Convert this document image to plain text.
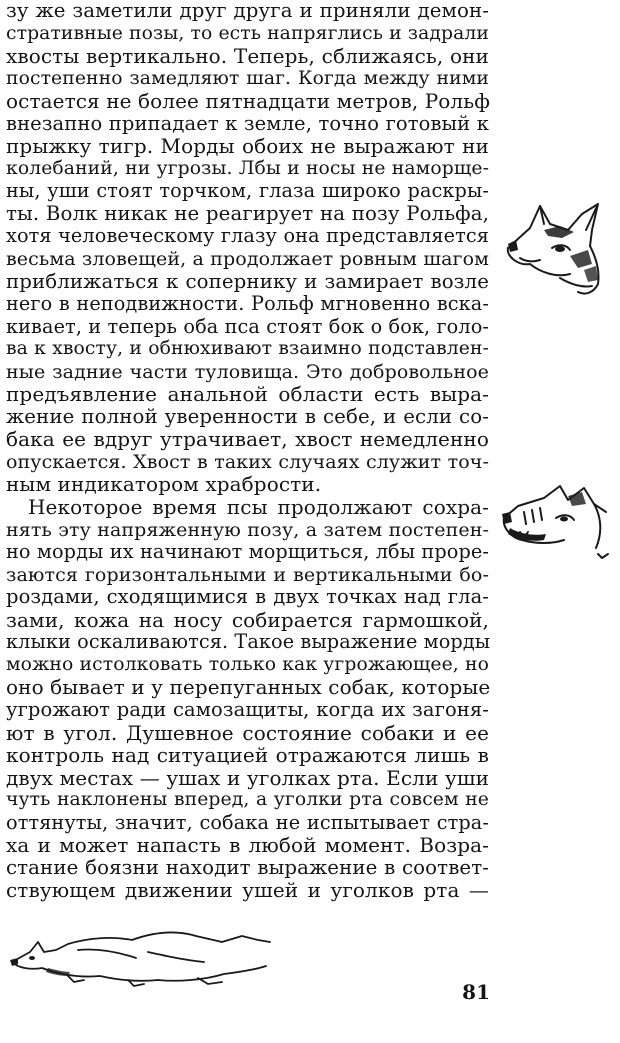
зу же заметили друг друга и приняли демон-
стративные позы, то есть напряглись и задрали
хвосты вертикально. Теперь, сближаясь, они
постепенно замедляют шаг. Когда между ними
остается не более пятнадцати метров, Рольф
внезапно припадает к земле, точно готовый к
прыжку тигр. Морды обоих не выражают ни
колебаний, ни угрозы. Лбы и носы не наморще-
ны, уши стоят торчком, глаза широко раскры-
ты. Волк никак не реагирует на позу Рольфа,
хотя человеческому глазу она представляется
весьма зловещей, а продолжает ровным шагом
приближаться к сопернику и замирает возле
него в неподвижности. Рольф мгновенно вска-
кивает, и теперь оба пса стоят бок о бок, голо-
ва к хвосту, и обнюхивают взаимно подставлен-
ные задние части туловища. Это добровольное
предъявление анальной области есть выра-
жение полной уверенности в себе, и если со-
бака ее вдруг утрачивает, хвост немедленно
опускается. Хвост в таких случаях служит точ-
ным индикатором храбрости.
Некоторое время псы продолжают сохра-
нять эту напряженную позу, а затем постепен-
но морды их начинают морщиться, лбы проре-
заются горизонтальными и вертикальными бо-
роздами, сходящимися в двух точках над гла-
зами, кожа на носу собирается гармошкой,
клыки оскаливаются. Такое выражение морды
можно истолковать только как угрожающее, но
оно бывает и у перепуганных собак, которые
угрожают ради самозащиты, когда их загоня-
ют в угол. Душевное состояние собаки и ее
контроль над ситуацией отражаются лишь в
двух местах — ушах и уголках рта. Если уши
чуть наклонены вперед, а уголки рта совсем не
оттянуты, значит, собака не испытывает стра-
ха и может напасть в любой момент. Возра-
стание боязни находит выражение в соответ-
ствующем движении ушей и уголков рта —
81
